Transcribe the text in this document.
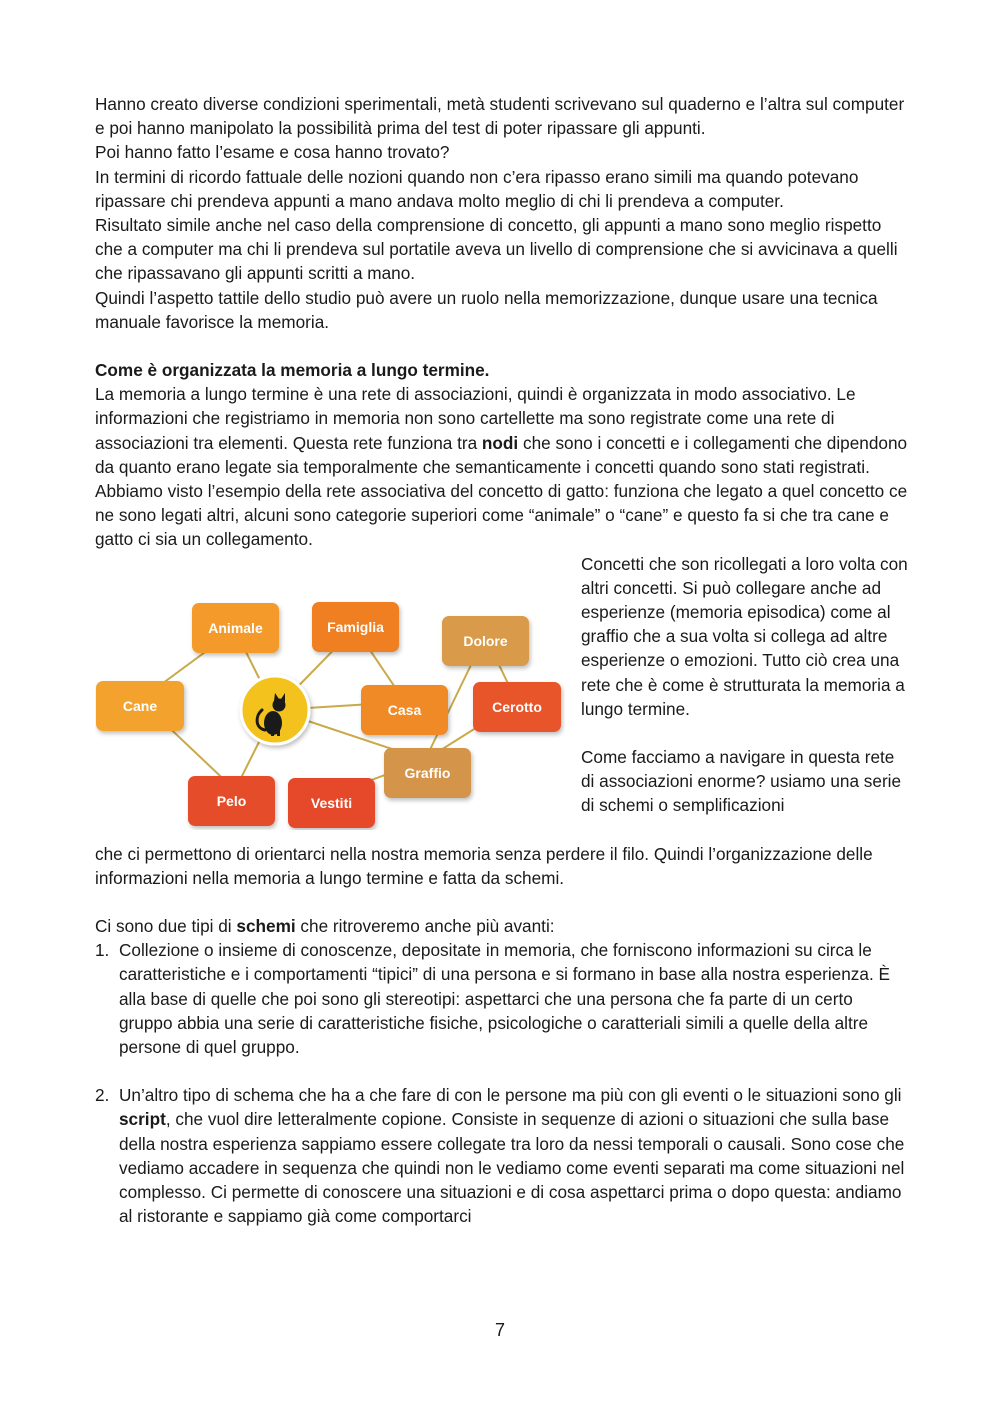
Hanno creato diverse condizioni sperimentali, metà studenti scrivevano sul quaderno e l’altra sul computer e poi hanno manipolato la possibilità prima del test di poter ripassare gli appunti.

Poi hanno fatto l’esame e cosa hanno trovato?

In termini di ricordo fattuale delle nozioni quando non c’era ripasso erano simili ma quando potevano ripassare chi prendeva appunti a mano andava molto meglio di chi li prendeva a computer.

Risultato simile anche nel caso della comprensione di concetto, gli appunti a mano sono meglio rispetto che a computer ma chi li prendeva sul portatile aveva un livello di comprensione che si avvicinava a quelli che ripassavano gli appunti scritti a mano.

Quindi l’aspetto tattile dello studio può avere un ruolo nella memorizzazione, dunque usare una tecnica manuale favorisce la memoria.

Come è organizzata la memoria a lungo termine.

La memoria a lungo termine è una rete di associazioni, quindi è organizzata in modo associativo. Le informazioni che registriamo in memoria non sono cartellette ma sono registrate come una rete di associazioni tra elementi. Questa rete funziona tra nodi che sono i concetti e i collegamenti che dipendono da quanto erano legate sia temporalmente che semanticamente i concetti quando sono stati registrati.

Abbiamo visto l’esempio della rete associativa del concetto di gatto: funziona che legato a quel concetto ce ne sono legati altri, alcuni sono categorie superiori come “animale” o “cane” e questo fa si che tra cane e gatto ci sia un collegamento.

Animale	Famiglia
Dolore
Cane	Casa	Cerotto
Graffio
Pelo	Vestiti

Concetti che son ricollegati a loro volta con altri concetti. Si può collegare anche ad esperienze (memoria episodica) come al graffio che a sua volta si collega ad altre esperienze o emozioni. Tutto ciò crea una rete che è come è strutturata la memoria a lungo termine.

Come facciamo a navigare in questa rete di associazioni enorme? usiamo una serie di schemi o semplificazioni

che ci permettono di orientarci nella nostra memoria senza perdere il filo. Quindi l’organizzazione delle informazioni nella memoria a lungo termine e fatta da schemi.

Ci sono due tipi di schemi che ritroveremo anche più avanti:

1. Collezione o insieme di conoscenze, depositate in memoria, che forniscono informazioni su circa le caratteristiche e i comportamenti “tipici” di una persona e si formano in base alla nostra esperienza. È alla base di quelle che poi sono gli stereotipi: aspettarci che una persona che fa parte di un certo gruppo abbia una serie di caratteristiche fisiche, psicologiche o caratteriali simili a quelle della altre persone di quel gruppo.
2. Un’altro tipo di schema che ha a che fare di con le persone ma più con gli eventi o le situazioni sono gli script, che vuol dire letteralmente copione. Consiste in sequenze di azioni o situazioni che sulla base della nostra esperienza sappiamo essere collegate tra loro da nessi temporali o causali. Sono cose che vediamo accadere in sequenza che quindi non le vediamo come eventi separati ma come situazioni nel complesso. Ci permette di conoscere una situazioni e di cosa aspettarci prima o dopo questa: andiamo al ristorante e sappiamo già come comportarci
7
